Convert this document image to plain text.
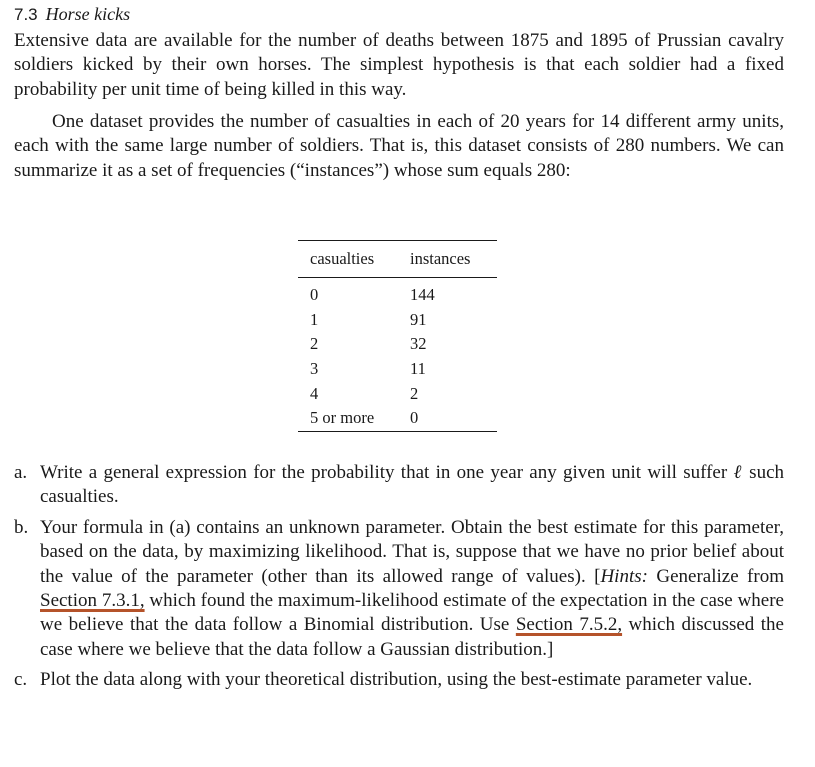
7.3 Horse kicks
Extensive data are available for the number of deaths between 1875 and 1895 of Prussian cavalry soldiers kicked by their own horses. The simplest hypothesis is that each soldier had a fixed probability per unit time of being killed in this way.
One dataset provides the number of casualties in each of 20 years for 14 different army units, each with the same large number of soldiers. That is, this dataset consists of 280 numbers. We can summarize it as a set of frequencies (“instances”) whose sum equals 280:
casualties	instances
0	144
1	91
2	32
3	11
4	2
5 or more	0
a. Write a general expression for the probability that in one year any given unit will suffer ℓ such casualties.
b. Your formula in (a) contains an unknown parameter. Obtain the best estimate for this parameter, based on the data, by maximizing likelihood. That is, suppose that we have no prior belief about the value of the parameter (other than its allowed range of values). [Hints: Generalize from Section 7.3.1, which found the maximum-likelihood estimate of the expectation in the case where we believe that the data follow a Binomial distribution. Use Section 7.5.2, which discussed the case where we believe that the data follow a Gaussian distribution.]
c. Plot the data along with your theoretical distribution, using the best-estimate parameter value.
